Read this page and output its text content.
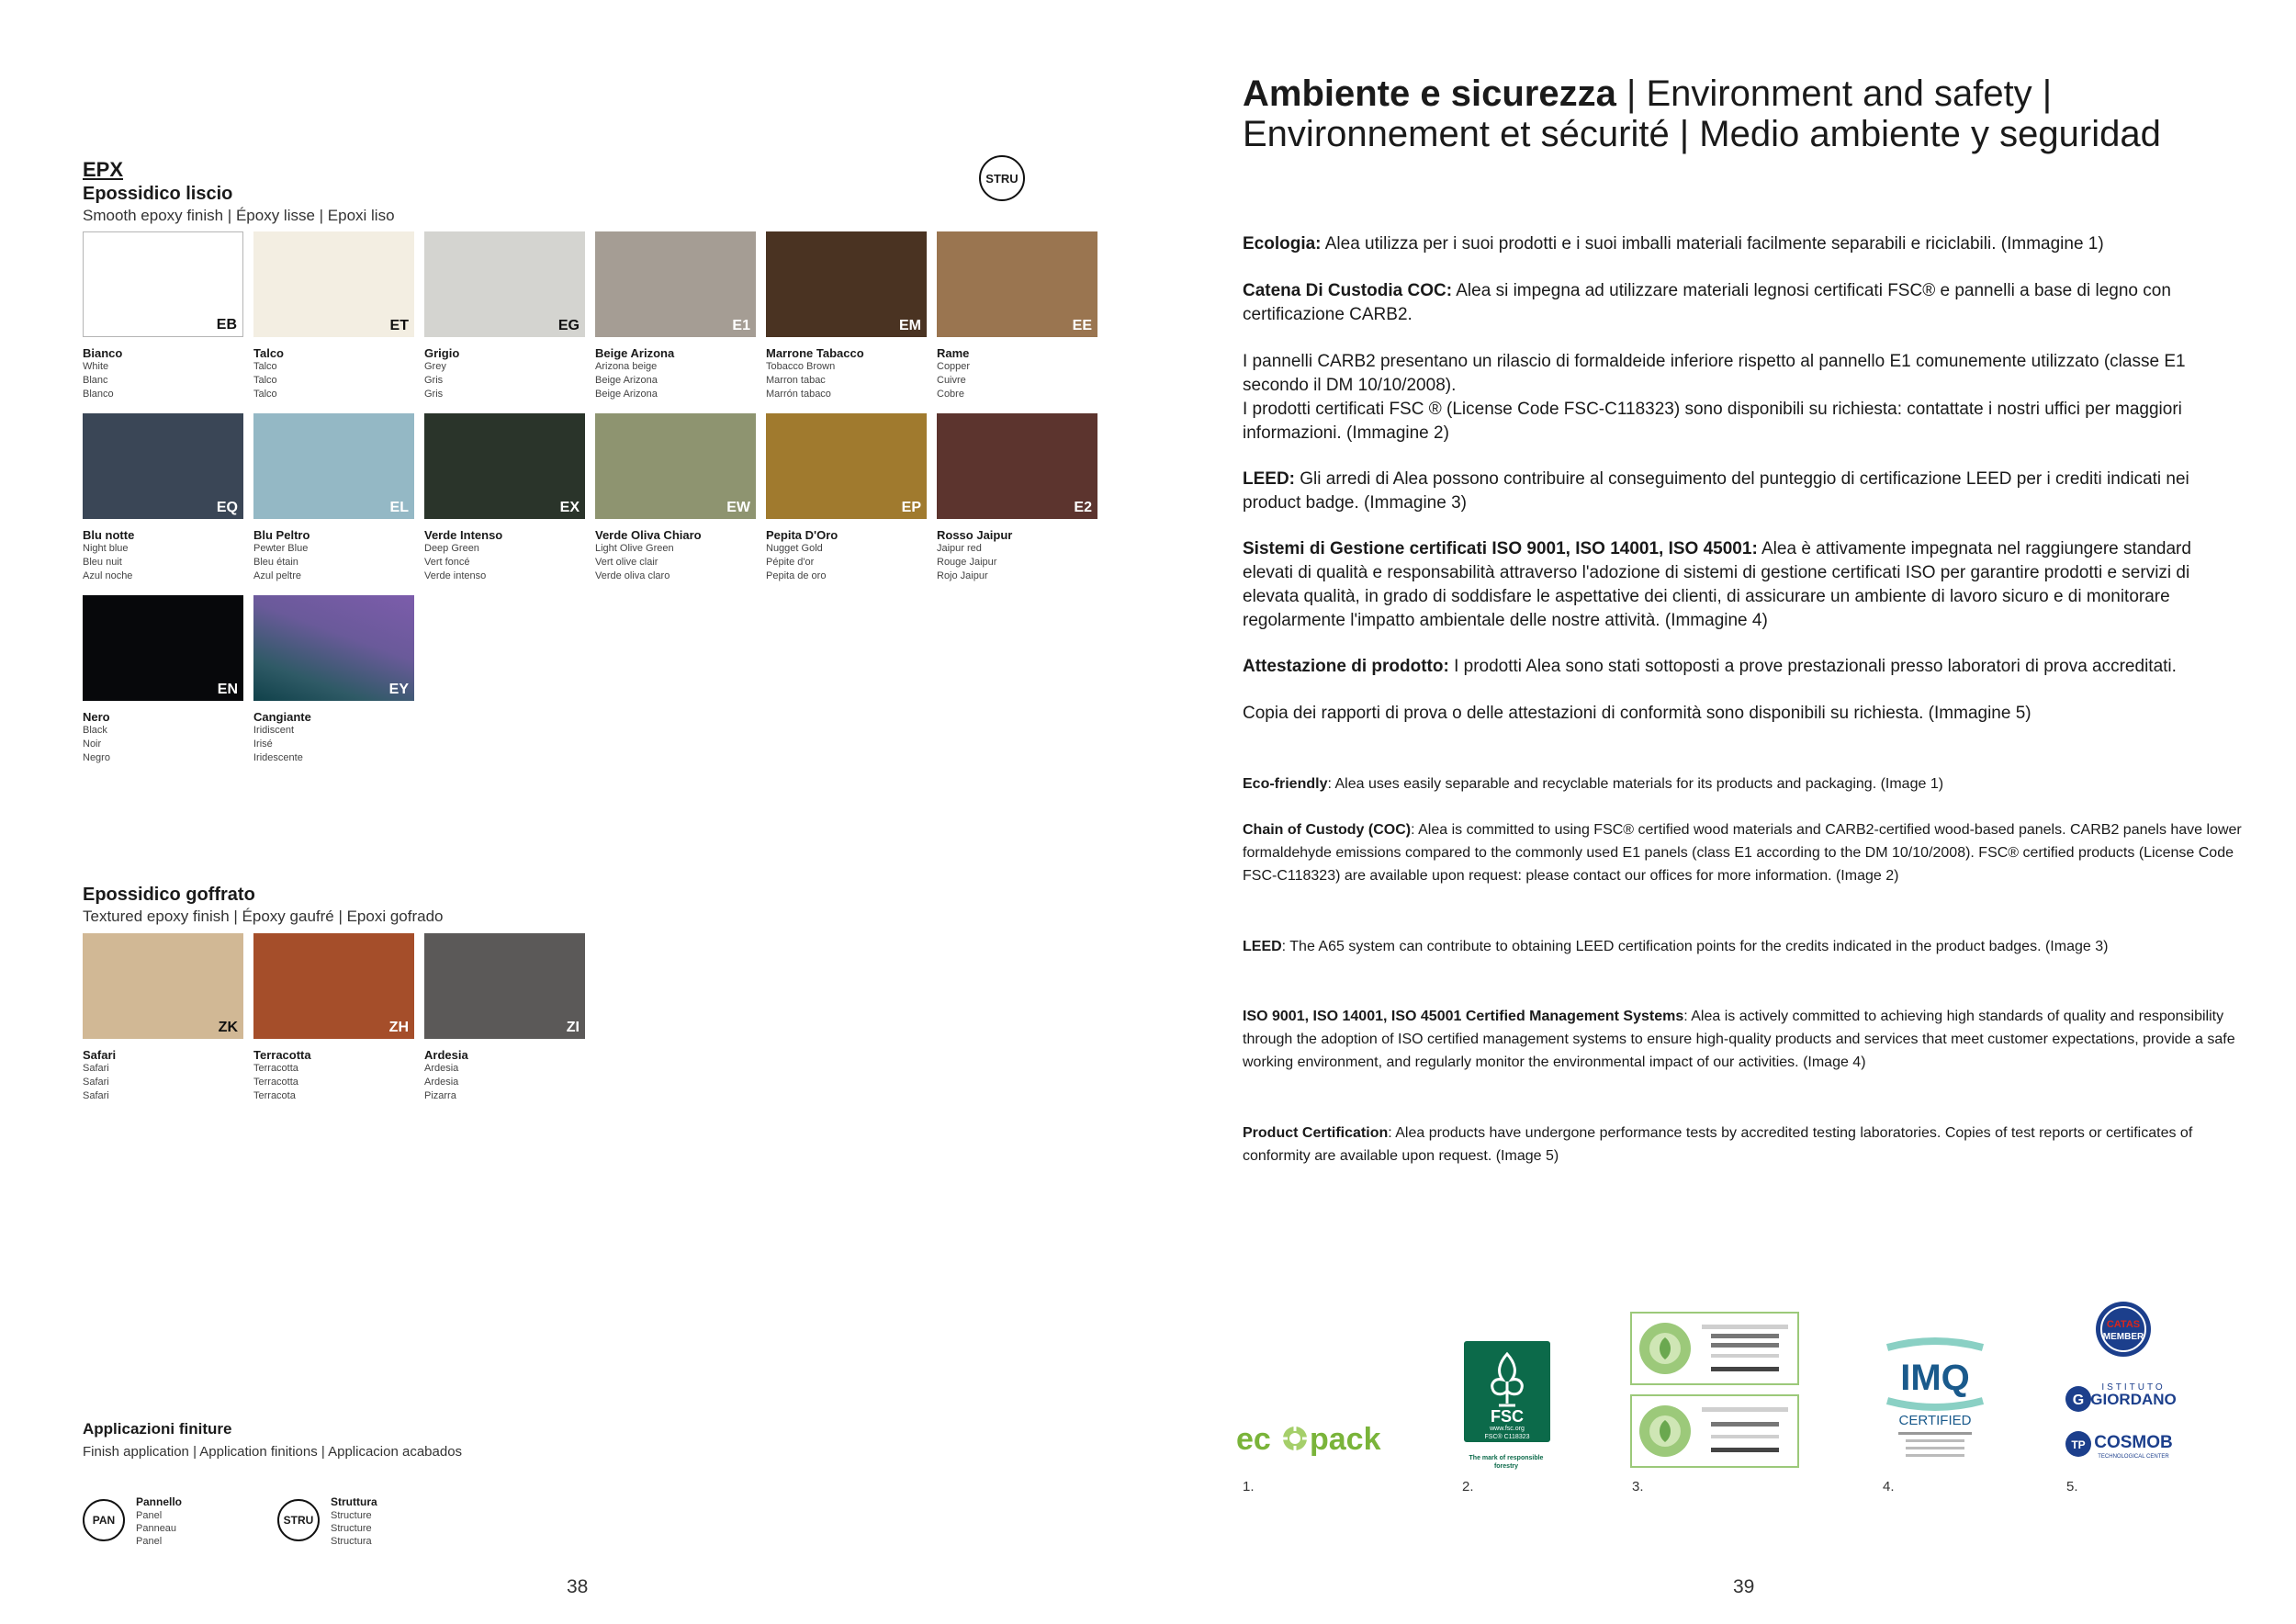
EPX	STRU
Epossidico liscio
Smooth epoxy finish | Époxy lisse | Epoxi liso
EB
Bianco
White
Blanc
Blanco
ET
Talco
Talco
Talco
Talco
EG
Grigio
Grey
Gris
Gris
E1
Beige Arizona
Arizona beige
Beige Arizona
Beige Arizona
EM
Marrone Tabacco
Tobacco Brown
Marron tabac
Marrón tabaco
EE
Rame
Copper
Cuivre
Cobre
EQ
Blu notte
Night blue
Bleu nuit
Azul noche
EL
Blu Peltro
Pewter Blue
Bleu étain
Azul peltre
EX
Verde Intenso
Deep Green
Vert foncé
Verde intenso
EW
Verde Oliva Chiaro
Light Olive Green
Vert olive clair
Verde oliva claro
EP
Pepita D'Oro
Nugget Gold
Pépite d'or
Pepita de oro
E2
Rosso Jaipur
Jaipur red
Rouge Jaipur
Rojo Jaipur
EN
Nero
Black
Noir
Negro
EY
Cangiante
Iridiscent
Irisé
Iridescente
Epossidico goffrato
Textured epoxy finish | Époxy gaufré | Epoxi gofrado
ZK
Safari
Safari
Safari
Safari
ZH
Terracotta
Terracotta
Terracotta
Terracota
ZI
Ardesia
Ardesia
Ardesia
Pizarra
Applicazioni finiture
Finish application | Application finitions | Applicacion acabados
PAN
Pannello
Panel
Panneau
Panel
STRU
Struttura
Structure
Structure
Structura
38
Ambiente e sicurezza | Environment and safety | Environnement et sécurité | Medio ambiente y seguridad
Ecologia: Alea utilizza per i suoi prodotti e i suoi imballi materiali facilmente separabili e riciclabili. (Immagine 1)
Catena Di Custodia COC: Alea si impegna ad utilizzare materiali legnosi certificati FSC® e pannelli a base di legno con certificazione CARB2.
I pannelli CARB2 presentano un rilascio di formaldeide inferiore rispetto al pannello E1 comunemente utilizzato (classe E1 secondo il DM 10/10/2008).
I prodotti certificati FSC ® (License Code FSC-C118323) sono disponibili su richiesta: contattate i nostri uffici per maggiori informazioni. (Immagine 2)
LEED: Gli arredi di Alea possono contribuire al conseguimento del punteggio di certificazione LEED per i crediti indicati nei product badge. (Immagine 3)
Sistemi di Gestione certificati ISO 9001, ISO 14001, ISO 45001: Alea è attivamente impegnata nel raggiungere standard elevati di qualità e responsabilità attraverso l'adozione di sistemi di gestione certificati ISO per garantire prodotti e servizi di elevata qualità, in grado di soddisfare le aspettative dei clienti, di assicurare un ambiente di lavoro sicuro e di monitorare regolarmente l'impatto ambientale delle nostre attività. (Immagine 4)
Attestazione di prodotto: I prodotti Alea sono stati sottoposti a prove prestazionali presso laboratori di prova accreditati.
Copia dei rapporti di prova o delle attestazioni di conformità sono disponibili su richiesta. (Immagine 5)
Eco-friendly: Alea uses easily separable and recyclable materials for its products and packaging. (Image 1)
Chain of Custody (COC): Alea is committed to using FSC® certified wood materials and CARB2-certified wood-based panels. CARB2 panels have lower formaldehyde emissions compared to the commonly used E1 panels (class E1 according to the DM 10/10/2008). FSC® certified products (License Code FSC-C118323) are available upon request: please contact our offices for more information. (Image 2)
LEED: The A65 system can contribute to obtaining LEED certification points for the credits indicated in the product badges. (Image 3)
ISO 9001, ISO 14001, ISO 45001 Certified Management Systems: Alea is actively committed to achieving high standards of quality and responsibility through the adoption of ISO certified management systems to ensure high-quality products and services that meet customer expectations, provide a safe working environment, and regularly monitor the environmental impact of our activities. (Image 4)
Product Certification: Alea products have undergone performance tests by accredited testing laboratories. Copies of test reports or certificates of conformity are available upon request. (Image 5)
ec pack
FSC
www.fsc.org
FSC® C118323
The mark of responsible forestry
IMQ
CERTIFIED
CATAS
MEMBER
G
ISTITUTO
GIORDANO
TP COSMOB
TECHNOLOGICAL CENTER
1.	2.	3.	4.	5.
39
